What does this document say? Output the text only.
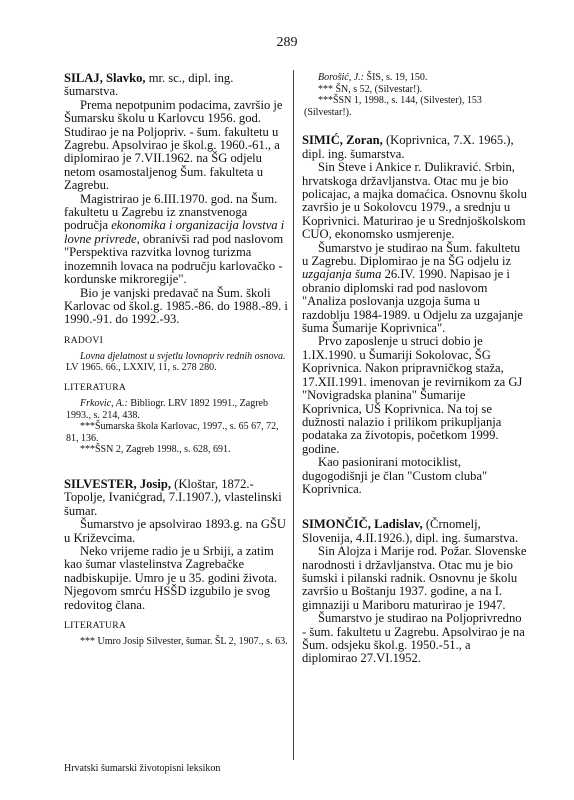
289

SILAJ, Slavko, mr. sc., dipl. ing. šumarstva.

Prema nepotpunim podacima, završio je Šumarsku školu u Karlovcu 1956. god. Studirao je na Poljopriv. - šum. fakultetu u Zagrebu. Apsolvirao je škol.g. 1960.-61., a diplomirao je 7.VII.1962. na ŠG odjelu netom osamostaljenog Šum. fakulteta u Zagrebu.

Magistrirao je 6.III.1970. god. na Šum. fakultetu u Zagrebu iz znanstvenoga područja ekonomika i organizacija lovstva i lovne privrede, obranivši rad pod naslovom "Perspektiva razvitka lovnog turizma inozemnih lovaca na području karlovačko - kordunske mikroregije".

Bio je vanjski predavač na Šum. školi Karlovac od škol.g. 1985.-86. do 1988.-89. i 1990.-91. do 1992.-93.

RADOVI

Lovna djelatnost u svjetlu lovnopriv rednih osnova. LV 1965. 66., LXXIV, 11, s. 278 280.

LITERATURA

Frkovic, A.: Bibliogr. LRV 1892 1991., Zagreb 1993., s. 214, 438.

***Šumarska škola Karlovac, 1997., s. 65 67, 72, 81, 136.

***ŠSN 2, Zagreb 1998., s. 628, 691.

SILVESTER, Josip, (Kloštar, 1872.- Topolje, Ivanićgrad, 7.I.1907.), vlastelinski šumar.

Šumarstvo je apsolvirao 1893.g. na GŠU u Križevcima.

Neko vrijeme radio je u Srbiji, a zatim kao šumar vlastelinstva Zagrebačke nadbiskupije. Umro je u 35. godini života. Njegovom smrću HSŠD izgubilo je svog redovitog člana.

LITERATURA

*** Umro Josip Silvester, šumar. ŠL 2, 1907., s. 63.

Borošić, J.: ŠIS, s. 19, 150.

*** ŠN, s 52, (Silvestar!).

***ŠSN 1, 1998., s. 144, (Silvester), 153 (Silvestar!).

SIMIĆ, Zoran, (Koprivnica, 7.X. 1965.), dipl. ing. šumarstva.

Sin Steve i Ankice r. Dulikravić. Srbin, hrvatskoga državljanstva. Otac mu je bio policajac, a majka domaćica. Osnovnu školu završio je u Sokolovcu 1979., a srednju u Koprivnici. Maturirao je u Srednjoškolskom CUO, ekonomsko usmjerenje.

Šumarstvo je studirao na Šum. fakultetu u Zagrebu. Diplomirao je na ŠG odjelu iz uzgajanja šuma 26.IV. 1990. Napisao je i obranio diplomski rad pod naslovom "Analiza poslovanja uzgoja šuma u razdoblju 1984-1989. u Odjelu za uzgajanje šuma Šumarije Koprivnica".

Prvo zaposlenje u struci dobio je 1.IX.1990. u Šumariji Sokolovac, ŠG Koprivnica. Nakon pripravničkog staža, 17.XII.1991. imenovan je revirnikom za GJ "Novigradska planina" Šumarije Koprivnica, UŠ Koprivnica. Na toj se dužnosti nalazio i prilikom prikupljanja podataka za životopis, početkom 1999. godine.

Kao pasionirani motociklist, dugogodišnji je član "Custom cluba" Koprivnica.

SIMONČIČ, Ladislav, (Črnomelj, Slovenija, 4.II.1926.), dipl. ing. šumarstva.

Sin Alojza i Marije rod. Požar. Slovenske narodnosti i državljanstva. Otac mu je bio šumski i pilanski radnik. Osnovnu je školu završio u Boštanju 1937. godine, a na I. gimnaziji u Mariboru maturirao je 1947.

Šumarstvo je studirao na Poljoprivredno - šum. fakultetu u Zagrebu. Apsolvirao je na Šum. odsjeku škol.g. 1950.-51., a diplomirao 27.VI.1952.

Hrvatski šumarski životopisni leksikon
